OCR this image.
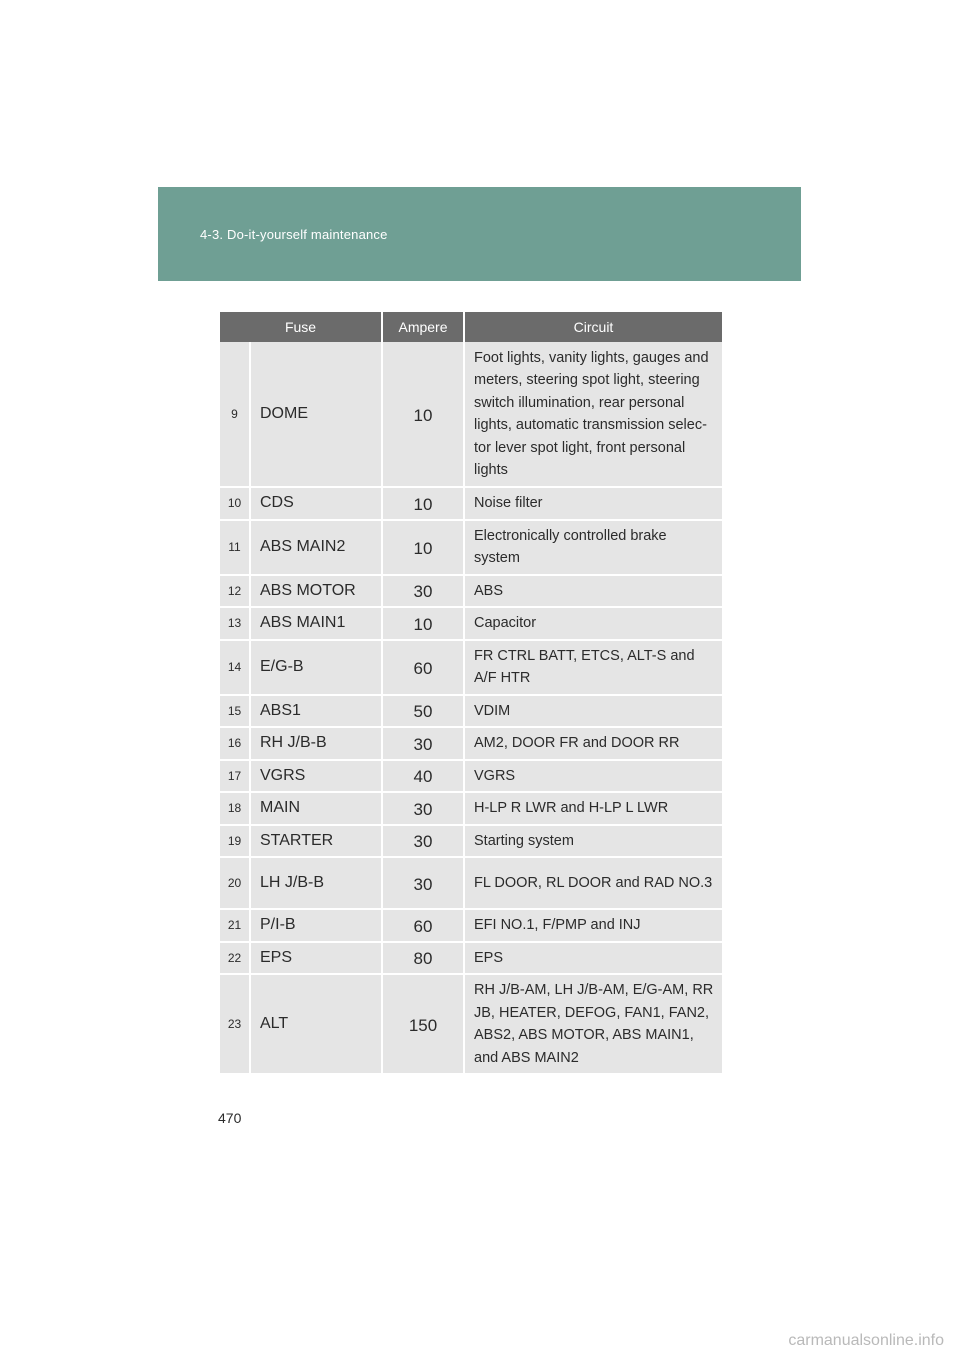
4-3. Do-it-yourself maintenance
Fuse		Ampere	Circuit
9	DOME	10	Foot lights, vanity lights, gauges and meters, steering spot light, steering switch illumination, rear personal lights, automatic transmission selec-tor lever spot light, front personal lights
10	CDS	10	Noise filter
11	ABS MAIN2	10	Electronically controlled brake system
12	ABS MOTOR	30	ABS
13	ABS MAIN1	10	Capacitor
14	E/G-B	60	FR CTRL BATT, ETCS, ALT-S and A/F HTR
15	ABS1	50	VDIM
16	RH J/B-B	30	AM2, DOOR FR and DOOR RR
17	VGRS	40	VGRS
18	MAIN	30	H-LP R LWR and H-LP L LWR
19	STARTER	30	Starting system
20	LH J/B-B	30	FL DOOR, RL DOOR and RAD NO.3
21	P/I-B	60	EFI NO.1, F/PMP and INJ
22	EPS	80	EPS
23	ALT	150	RH J/B-AM, LH J/B-AM, E/G-AM, RR JB, HEATER, DEFOG, FAN1, FAN2, ABS2, ABS MOTOR, ABS MAIN1, and ABS MAIN2
470
carmanualsonline.info
